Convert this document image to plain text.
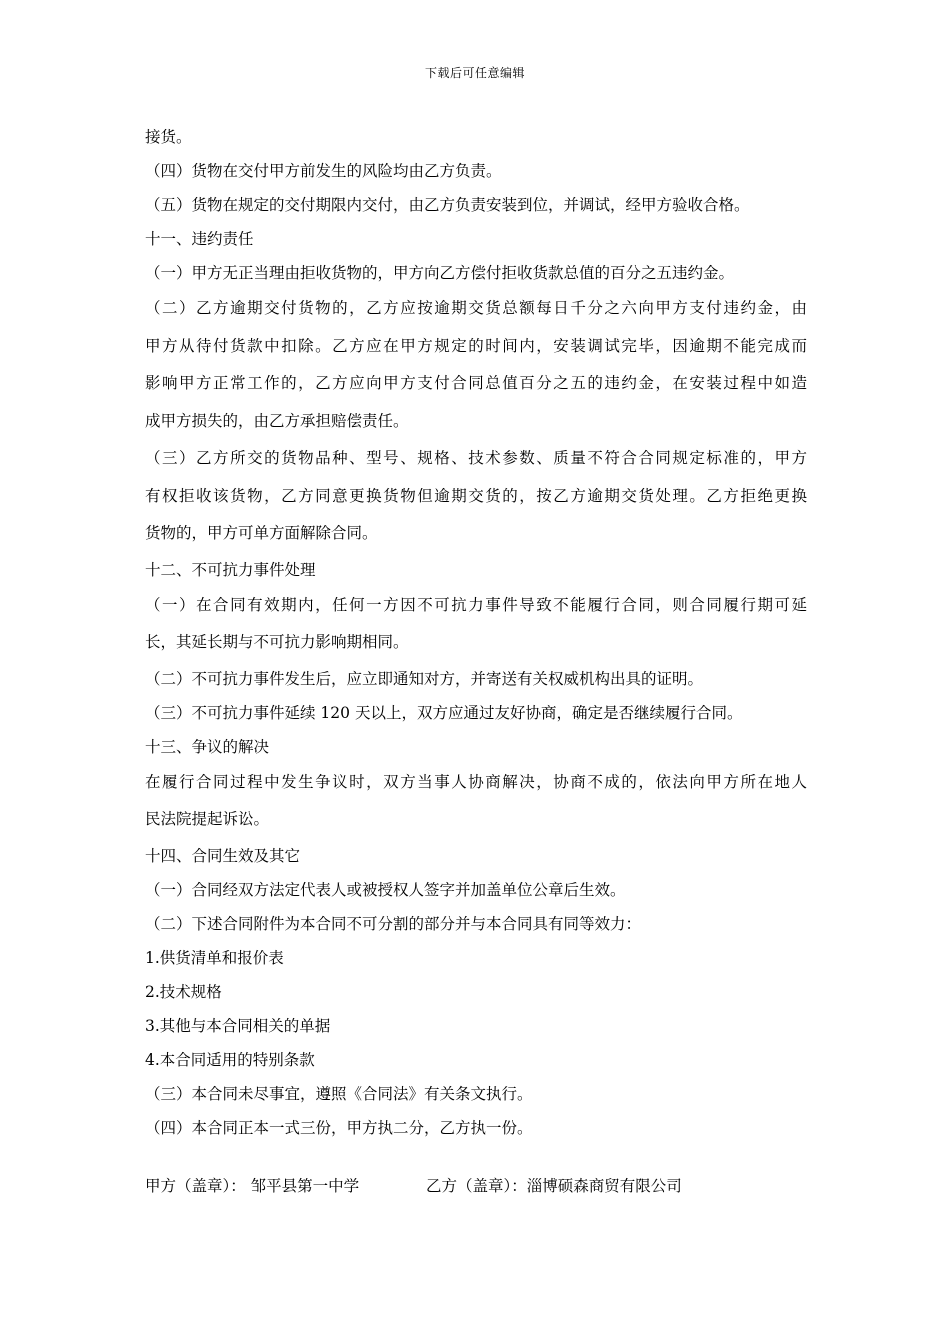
下载后可任意编辑
接货。
（四）货物在交付甲方前发生的风险均由乙方负责。
（五）货物在规定的交付期限内交付，由乙方负责安装到位，并调试，经甲方验收合格。
十一、违约责任
（一）甲方无正当理由拒收货物的，甲方向乙方偿付拒收货款总值的百分之五违约金。
（二）乙方逾期交付货物的，乙方应按逾期交货总额每日千分之六向甲方支付违约金，由
甲方从待付货款中扣除。乙方应在甲方规定的时间内，安装调试完毕，因逾期不能完成而
影响甲方正常工作的，乙方应向甲方支付合同总值百分之五的违约金，在安装过程中如造
成甲方损失的，由乙方承担赔偿责任。
（三）乙方所交的货物品种、型号、规格、技术参数、质量不符合合同规定标准的，甲方
有权拒收该货物，乙方同意更换货物但逾期交货的，按乙方逾期交货处理。乙方拒绝更换
货物的，甲方可单方面解除合同。
十二、不可抗力事件处理
（一）在合同有效期内，任何一方因不可抗力事件导致不能履行合同，则合同履行期可延
长，其延长期与不可抗力影响期相同。
（二）不可抗力事件发生后，应立即通知对方，并寄送有关权威机构出具的证明。
（三）不可抗力事件延续 120 天以上，双方应通过友好协商，确定是否继续履行合同。
十三、争议的解决
在履行合同过程中发生争议时，双方当事人协商解决，协商不成的，依法向甲方所在地人
民法院提起诉讼。
十四、合同生效及其它
（一）合同经双方法定代表人或被授权人签字并加盖单位公章后生效。
（二）下述合同附件为本合同不可分割的部分并与本合同具有同等效力：
1.供货清单和报价表
2.技术规格
3.其他与本合同相关的单据
4.本合同适用的特别条款
（三）本合同未尽事宜，遵照《合同法》有关条文执行。
（四）本合同正本一式三份，甲方执二分，乙方执一份。
甲方（盖章）： 邹平县第一中学	乙方（盖章）：淄博硕森商贸有限公司
